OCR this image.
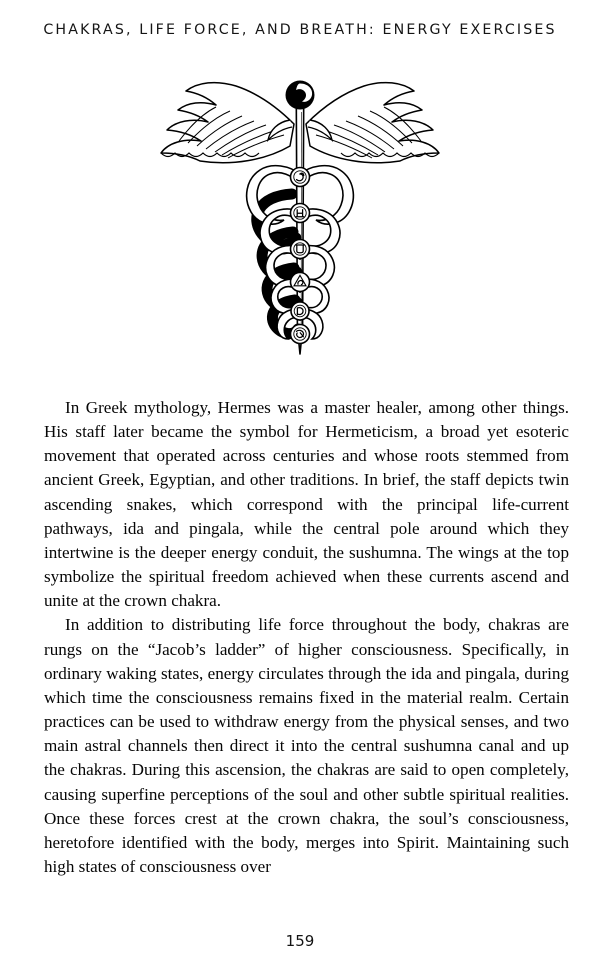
CHAKRAS, LIFE FORCE, AND BREATH: ENERGY EXERCISES

In Greek mythology, Hermes was a master healer, among other things. His staff later became the symbol for Hermeticism, a broad yet esoteric movement that operated across centuries and whose roots stemmed from ancient Greek, Egyptian, and other traditions. In brief, the staff depicts twin ascending snakes, which correspond with the principal life-current pathways, ida and pingala, while the central pole around which they intertwine is the deeper energy conduit, the sushumna. The wings at the top symbolize the spiritual freedom achieved when these currents ascend and unite at the crown chakra.

In addition to distributing life force throughout the body, chakras are rungs on the “Jacob’s ladder” of higher consciousness. Specifically, in ordinary waking states, energy circulates through the ida and pingala, during which time the consciousness remains fixed in the material realm. Certain practices can be used to withdraw energy from the physical senses, and two main astral channels then direct it into the central sushumna canal and up the chakras. During this ascension, the chakras are said to open completely, causing superfine perceptions of the soul and other subtle spiritual realities. Once these forces crest at the crown chakra, the soul’s consciousness, heretofore identified with the body, merges into Spirit. Maintaining such high states of consciousness over

159
